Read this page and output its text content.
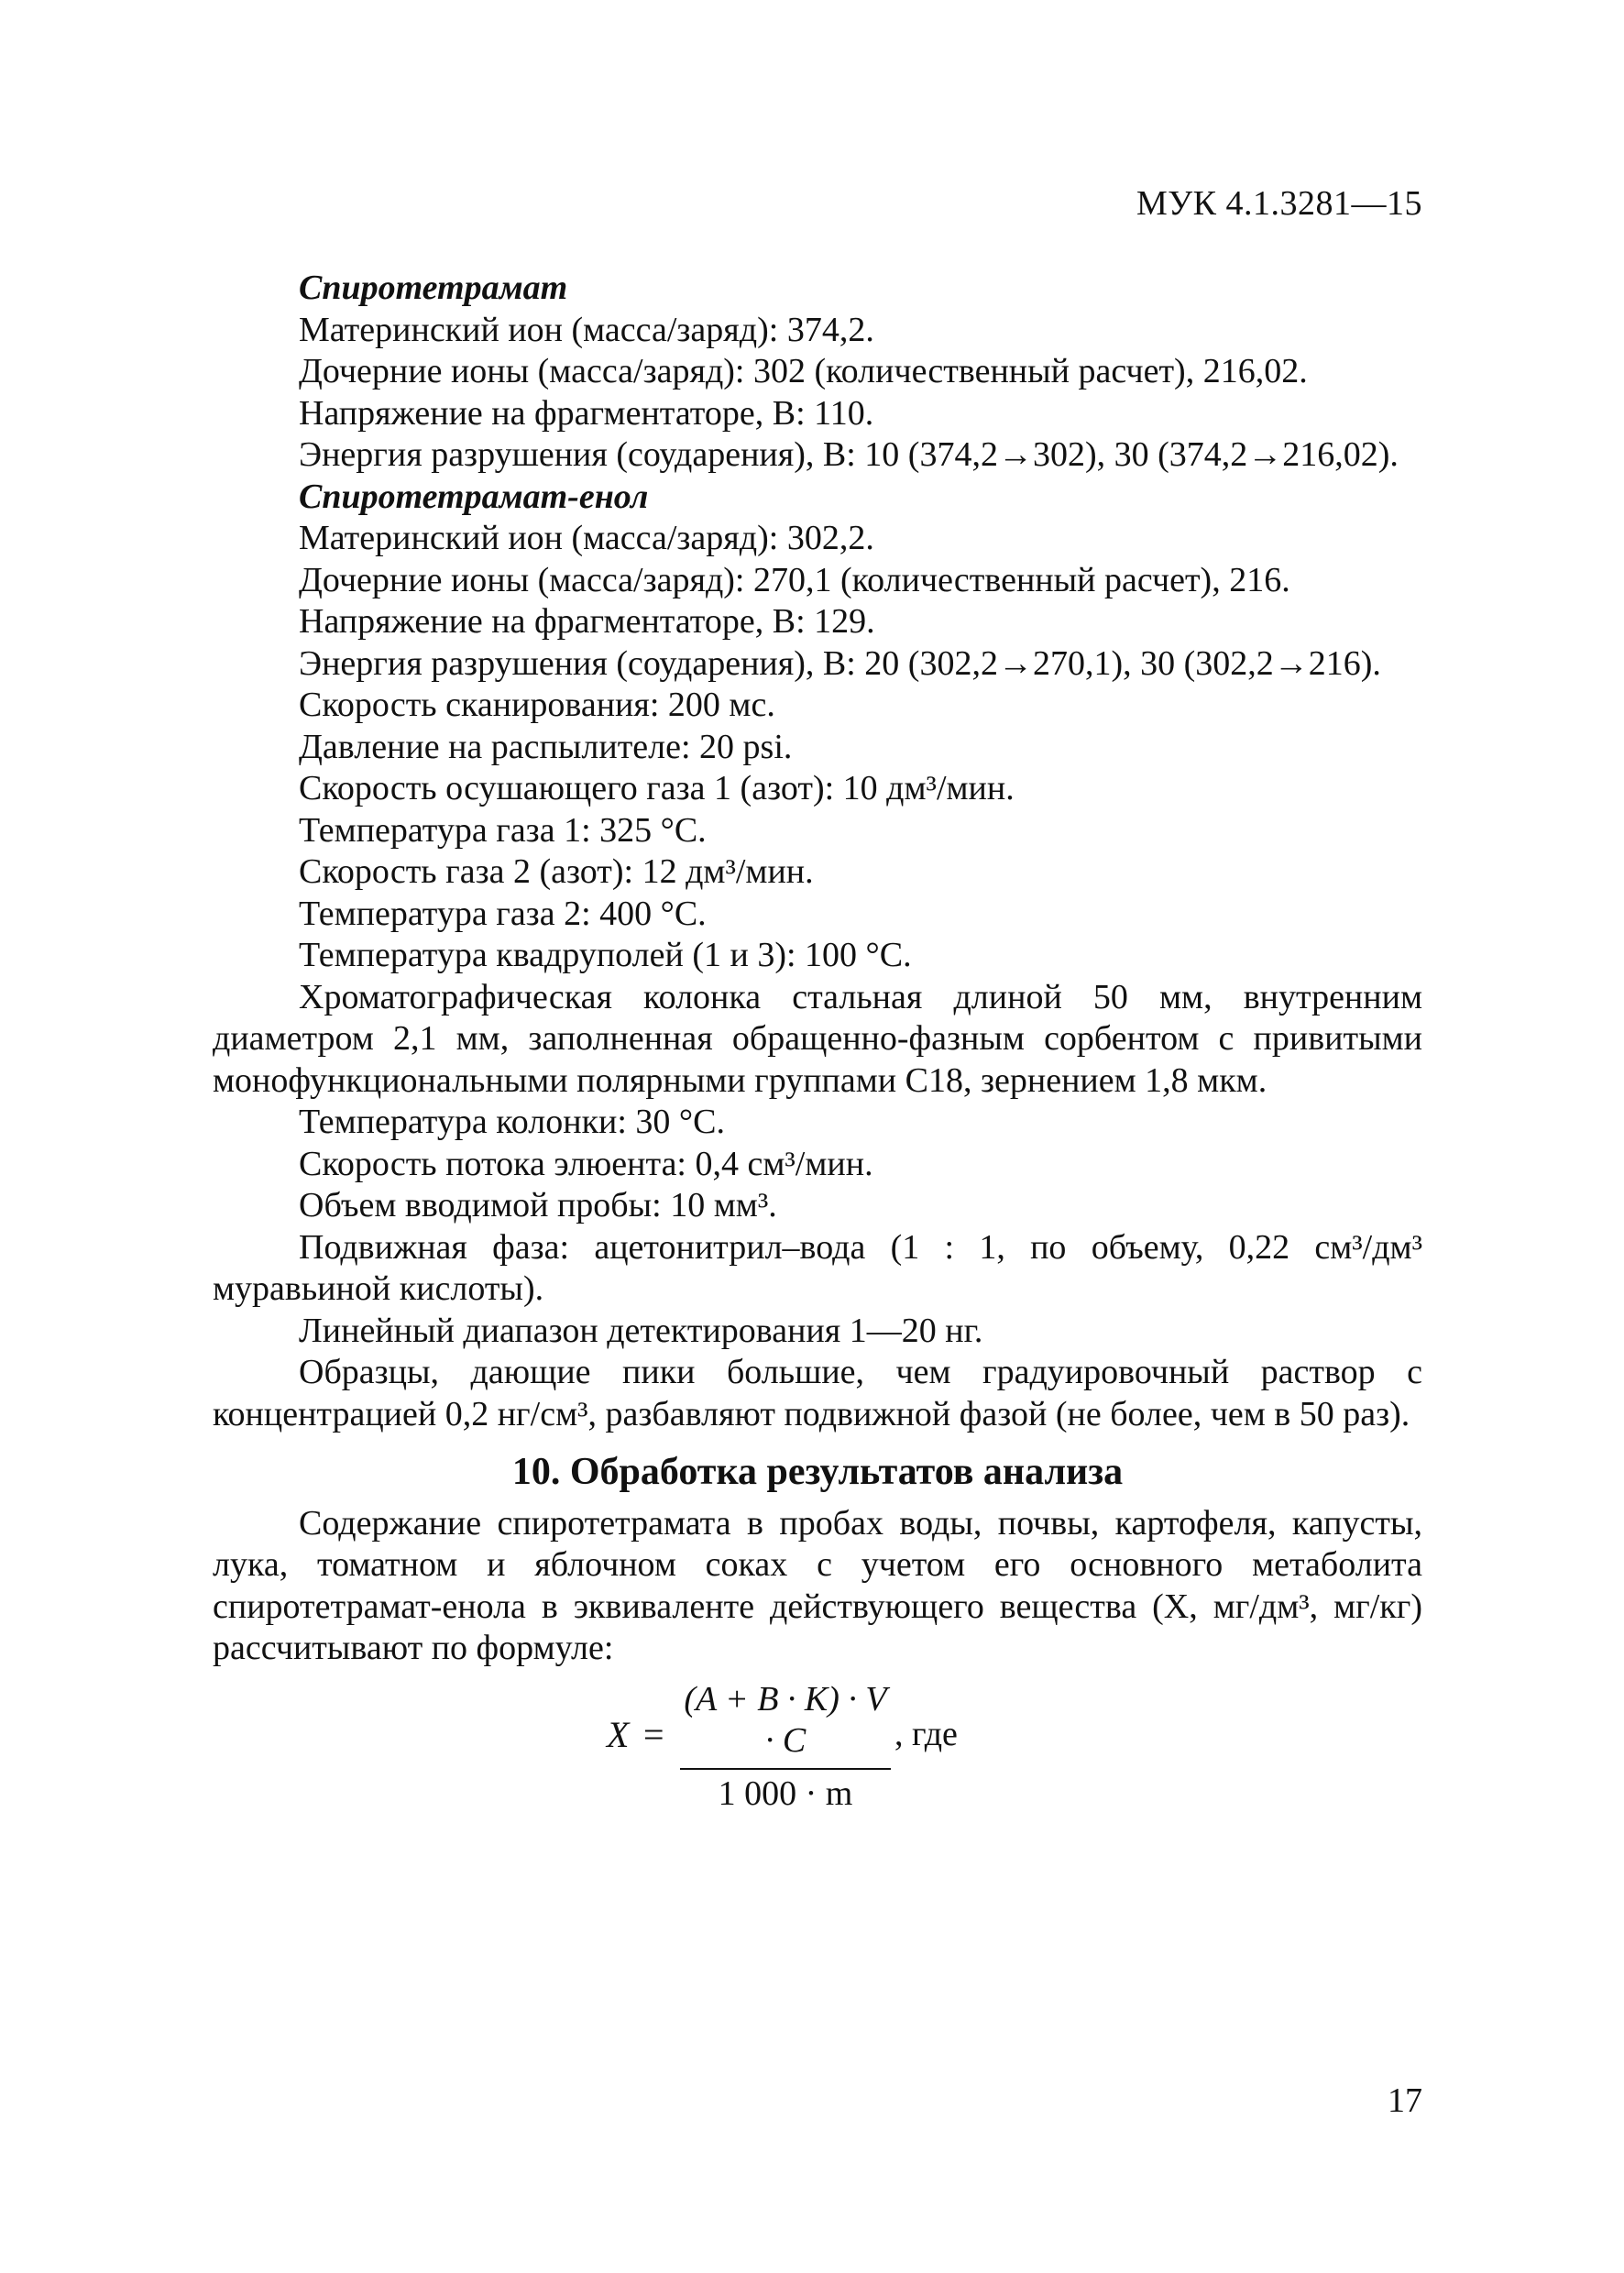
МУК 4.1.3281—15

Спиротетрамат

Материнский ион (масса/заряд): 374,2.

Дочерние ионы (масса/заряд): 302 (количественный расчет), 216,02.

Напряжение на фрагментаторе, В: 110.

Энергия разрушения (соударения), В: 10 (374,2→302), 30 (374,2→216,02).

Спиротетрамат-енол

Материнский ион (масса/заряд): 302,2.

Дочерние ионы (масса/заряд): 270,1 (количественный расчет), 216.

Напряжение на фрагментаторе, В: 129.

Энергия разрушения (соударения), В: 20 (302,2→270,1), 30 (302,2→216).

Скорость сканирования: 200 мс.

Давление на распылителе: 20 psi.

Скорость осушающего газа 1 (азот): 10 дм³/мин.

Температура газа 1: 325 °С.

Скорость газа 2 (азот): 12 дм³/мин.

Температура газа 2: 400 °С.

Температура квадруполей (1 и 3): 100 °С.

Хроматографическая колонка стальная длиной 50 мм, внутренним диаметром 2,1 мм, заполненная обращенно-фазным сорбентом с привитыми монофункциональными полярными группами С18, зернением 1,8 мкм.

Температура колонки: 30 °С.

Скорость потока элюента: 0,4 см³/мин.

Объем вводимой пробы: 10 мм³.

Подвижная фаза: ацетонитрил–вода (1 : 1, по объему, 0,22 см³/дм³ муравьиной кислоты).

Линейный диапазон детектирования 1—20 нг.

Образцы, дающие пики большие, чем градуировочный раствор с концентрацией 0,2 нг/см³, разбавляют подвижной фазой (не более, чем в 50 раз).

10. Обработка результатов анализа

Содержание спиротетрамата в пробах воды, почвы, картофеля, капусты, лука, томатном и яблочном соках с учетом его основного метаболита спиротетрамат-енола в эквиваленте действующего вещества (X, мг/дм³, мг/кг) рассчитывают по формуле:

X =
(A + B · K) · V · C
1 000 · m
, где
17
